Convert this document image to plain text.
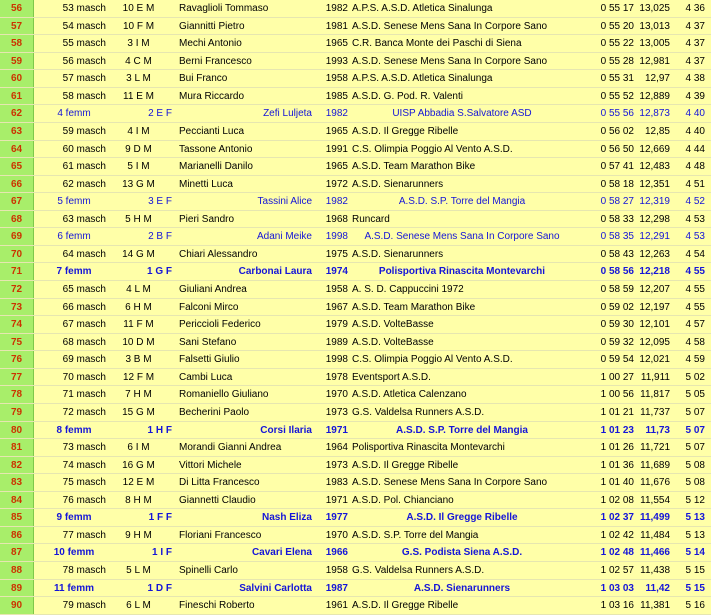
56	53 masch	10 E M	Ravaglioli Tommaso	1982 A.P.S. A.S.D. Atletica Sinalunga	0 55 17 13,025	4 36
57	54 masch	10 F M	Giannitti Pietro	1981 A.S.D. Senese Mens Sana In Corpore Sano	0 55 20 13,013	4 37
58	55 masch	3 I M	Mechi Antonio	1965 C.R. Banca Monte dei Paschi di Siena	0 55 22 13,005	4 37
59	56 masch	4 C M	Berni Francesco	1993 A.S.D. Senese Mens Sana In Corpore Sano	0 55 28 12,981	4 37
60	57 masch	3 L M	Bui Franco	1958 A.P.S. A.S.D. Atletica Sinalunga	0 55 31	12,97	4 38
61	58 masch	11 E M	Mura Riccardo	1985 A.S.D. G. Pod. R. Valenti	0 55 52 12,889	4 39
62	4 femm	2 E F	Zefi Luljeta	1982	UISP Abbadia S.Salvatore ASD	0 55 56 12,873	4 40
63	59 masch	4 I M	Peccianti Luca	1965 A.S.D. Il Gregge Ribelle	0 56 02	12,85	4 40
64	60 masch	9 D M	Tassone Antonio	1991 C.S. Olimpia Poggio Al Vento A.S.D.	0 56 50 12,669	4 44
65	61 masch	5 I M	Marianelli Danilo	1965 A.S.D. Team Marathon Bike	0 57 41 12,483	4 48
66	62 masch	13 G M	Minetti Luca	1972 A.S.D. Sienarunners	0 58 18 12,351	4 51
67	5 femm	3 E F	Tassini Alice	1982	A.S.D. S.P. Torre del Mangia	0 58 27 12,319	4 52
68	63 masch	5 H M	Pieri Sandro	1968 Runcard	0 58 33 12,298	4 53
69	6 femm	2 B F	Adani Meike	1998	A.S.D. Senese Mens Sana In Corpore Sano	0 58 35 12,291	4 53
70	64 masch	14 G M	Chiari Alessandro	1975 A.S.D. Sienarunners	0 58 43 12,263	4 54
71	7 femm	1 G F	Carbonai Laura	1974	Polisportiva Rinascita Montevarchi	0 58 56 12,218	4 55
72	65 masch	4 L M	Giuliani Andrea	1958 A. S. D. Cappuccini 1972	0 58 59 12,207	4 55
73	66 masch	6 H M	Falconi Mirco	1967 A.S.D. Team Marathon Bike	0 59 02 12,197	4 55
74	67 masch	11 F M	Periccioli Federico	1979 A.S.D. VolteBasse	0 59 30 12,101	4 57
75	68 masch	10 D M	Sani Stefano	1989 A.S.D. VolteBasse	0 59 32 12,095	4 58
76	69 masch	3 B M	Falsetti Giulio	1998 C.S. Olimpia Poggio Al Vento A.S.D.	0 59 54 12,021	4 59
77	70 masch	12 F M	Cambi Luca	1978 Eventsport A.S.D.	1 00 27 11,911	5 02
78	71 masch	7 H M	Romaniello Giuliano	1970 A.S.D. Atletica Calenzano	1 00 56 11,817	5 05
79	72 masch	15 G M	Becherini Paolo	1973 G.S. Valdelsa Runners A.S.D.	1 01 21 11,737	5 07
80	8 femm	1 H F	Corsi Ilaria	1971	A.S.D. S.P. Torre del Mangia	1 01 23	11,73	5 07
81	73 masch	6 I M	Morandi Gianni Andrea	1964 Polisportiva Rinascita Montevarchi	1 01 26 11,721	5 07
82	74 masch	16 G M	Vittori Michele	1973 A.S.D. Il Gregge Ribelle	1 01 36 11,689	5 08
83	75 masch	12 E M	Di Litta Francesco	1983 A.S.D. Senese Mens Sana In Corpore Sano	1 01 40 11,676	5 08
84	76 masch	8 H M	Giannetti Claudio	1971 A.S.D. Pol. Chianciano	1 02 08 11,554	5 12
85	9 femm	1 F F	Nash Eliza	1977	A.S.D. Il Gregge Ribelle	1 02 37 11,499	5 13
86	77 masch	9 H M	Floriani Francesco	1970 A.S.D. S.P. Torre del Mangia	1 02 42 11,484	5 13
87	10 femm	1 I F	Cavari Elena	1966	G.S. Podista Siena A.S.D.	1 02 48 11,466	5 14
88	78 masch	5 L M	Spinelli Carlo	1958 G.S. Valdelsa Runners A.S.D.	1 02 57 11,438	5 15
89	11 femm	1 D F	Salvini Carlotta	1987	A.S.D. Sienarunners	1 03 03	11,42	5 15
90	79 masch	6 L M	Fineschi Roberto	1961 A.S.D. Il Gregge Ribelle	1 03 16 11,381	5 16
